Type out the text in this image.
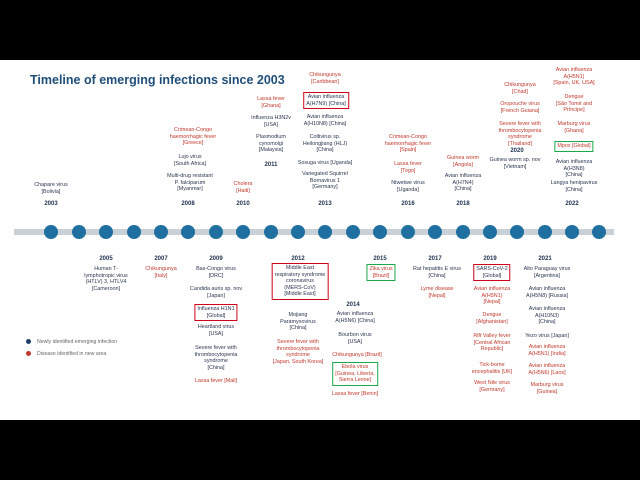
Timeline of emerging infections since 2003
2003
2005	2007
2008
2009
2010
2011
2012
2013
2014
2015
2016
2017
2018
2019
2020
2021
2022
Chapare virus
[Bolivia]
Human T-
lymphotropic virus
(HTLV) 3, HTLV4
[Cameroon]
Chikungunya
[Italy]
Crimean-Congo
haemorrhagic fever
[Greece]
Lujo virus
[South Africa]
Multi-drug resistant
P. falciparum
[Myanmar]
Bas-Congo virus
[DRC]
Candida auris sp. nov
[Japan]
Influenza H1N1
[Global]
Heartland virus
[USA]
Severe fever with
thrombocytopenia
syndrome
[China]
Lassa fever [Mali]
Cholera
[Haiti]
Lassa fever
[Ghana]
Influenza H3N2v
[USA]
Plasmodium
cynomolgi
[Malaysia]
Middle East
respiratory syndrome
coronavirus
(MERS-CoV)
[Middle East]
Mojiang
Paramyxovirus
[China]
Severe fever with
thrombocytopenia
syndrome
[Japan, South Korea]
Chikungunya
[Caribbean]
Avian influenza
A(H7N9) [China]
Avian influenza
A(H10N8) [China]
Coltivirus sp.
Heilongjiang (HLJ)
[China]
Sosuga virus [Uganda]
Variegated Squirrel
Bornavirus 1
[Germany]
Avian influenza
A(H5N6) [China]
Bourbon virus
[USA]
Chikungunya [Brazil]
Ebola virus
[Guinea, Liberia,
Sierra Leone]
Lassa fever [Benin]
Zika virus
[Brazil]
Crimean-Congo
haemorrhagic fever
[Spain]
Lassa fever
[Togo]
Ntwetwe virus
[Uganda]
Rat hepatitis E virus
[China]
Lyme disease
[Nepal]
Guinea worm
[Angola]
Avian influenza
A(H7N4)
[China]
SARS-CoV-2
[Global]
Avian influenza
A(H5N1)
[Nepal]
Dengue
[Afghanistan]
Rift Valley fever
[Central African
Republic]
Tick-borne
encephalitis [UK]
West Nile virus
[Germany]
Chikungunya
[Chad]
Oropouche virus
[French Guiana]
Severe fever with
thrombocytopenia
syndrome
[Thailand]
Guinea worm sp. nov
[Vietnam]
Alto Paraguay virus
[Argentina]
Avian influenza
A(H5N8) [Russia]
Avian influenza
A(H10N3)
[China]
Yezo virus [Japan]
Avian influenza
A(H5N1) [India]
Avian influenza
A(H5N6) [Laos]
Marburg virus
[Guinea]
Avian influenza
A(H5N1)
[Spain, UK, USA]
Dengue
[São Tomé and
Príncipe]
Marburg virus
[Ghana]
Mpox [Global]
Avian influenza
A(H3N8)
[China]
Langya henipavirus
[China]
Newly identified emerging infection
Disease identified in new area
